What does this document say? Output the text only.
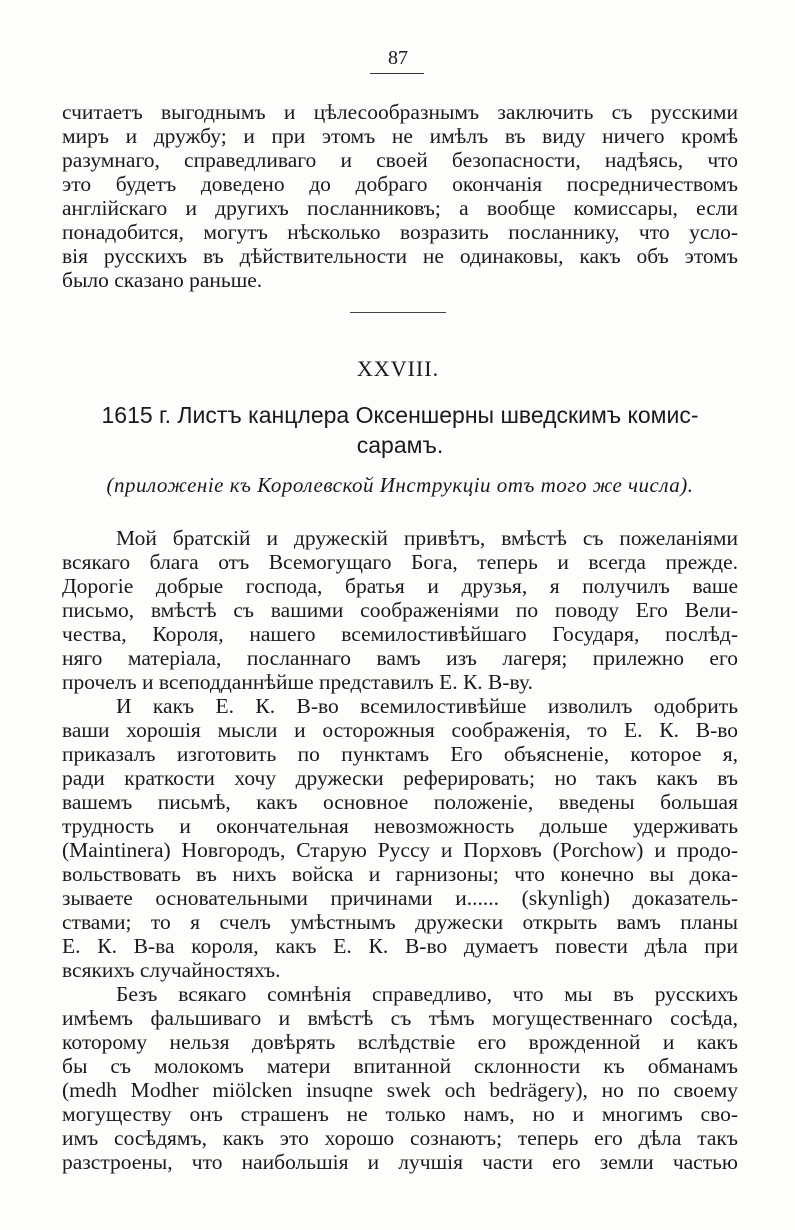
87
считаетъ выгоднымъ и цѣлесообразнымъ заключить съ русскими
миръ и дружбу; и при этомъ не имѣлъ въ виду ничего кромѣ
разумнаго, справедливаго и своей безопасности, надѣясь, что
это будетъ доведено до добраго окончанія посредничествомъ
англійскаго и другихъ посланниковъ; а вообще комиссары, если
понадобится, могутъ нѣсколько возразить посланнику, что усло-
вія русскихъ въ дѣйствительности не одинаковы, какъ объ этомъ
было сказано раньше.
XXVIII.
1615 г. Листъ канцлера Оксеншерны шведскимъ комис-
сарамъ.
(приложеніе къ Королевской Инструкціи отъ того же числа).
Мой братскій и дружескій привѣтъ, вмѣстѣ съ пожеланіями
всякаго блага отъ Всемогущаго Бога, теперь и всегда прежде.
Дорогіе добрые господа, братья и друзья, я получилъ ваше
письмо, вмѣстѣ съ вашими соображеніями по поводу Его Вели-
чества, Короля, нашего всемилостивѣйшаго Государя, послѣд-
няго матеріала, посланнаго вамъ изъ лагеря; прилежно его
прочелъ и всеподданнѣйше представилъ Е. К. В-ву.
И какъ Е. К. В-во всемилостивѣйше изволилъ одобрить
ваши хорошія мысли и осторожныя соображенія, то Е. К. В-во
приказалъ изготовить по пунктамъ Его объясненіе, которое я,
ради краткости хочу дружески реферировать; но такъ какъ въ
вашемъ письмѣ, какъ основное положеніе, введены большая
трудность и окончательная невозможность дольше удерживать
(Maintinera) Новгородъ, Старую Руссу и Порховъ (Porchow) и продо-
вольствовать въ нихъ войска и гарнизоны; что конечно вы дока-
зываете основательными причинами и...... (skynligh) доказатель-
ствами; то я счелъ умѣстнымъ дружески открыть вамъ планы
Е. К. В-ва короля, какъ Е. К. В-во думаетъ повести дѣла при
всякихъ случайностяхъ.
Безъ всякаго сомнѣнія справедливо, что мы въ русскихъ
имѣемъ фальшиваго и вмѣстѣ съ тѣмъ могущественнаго сосѣда,
которому нельзя довѣрять вслѣдствіе его врожденной и какъ
бы съ молокомъ матери впитанной склонности къ обманамъ
(medh Modher miölcken insuqne swek och bedrägery), но по своему
могуществу онъ страшенъ не только намъ, но и многимъ сво-
имъ сосѣдямъ, какъ это хорошо сознаютъ; теперь его дѣла такъ
разстроены, что наибольшія и лучшія части его земли частью
